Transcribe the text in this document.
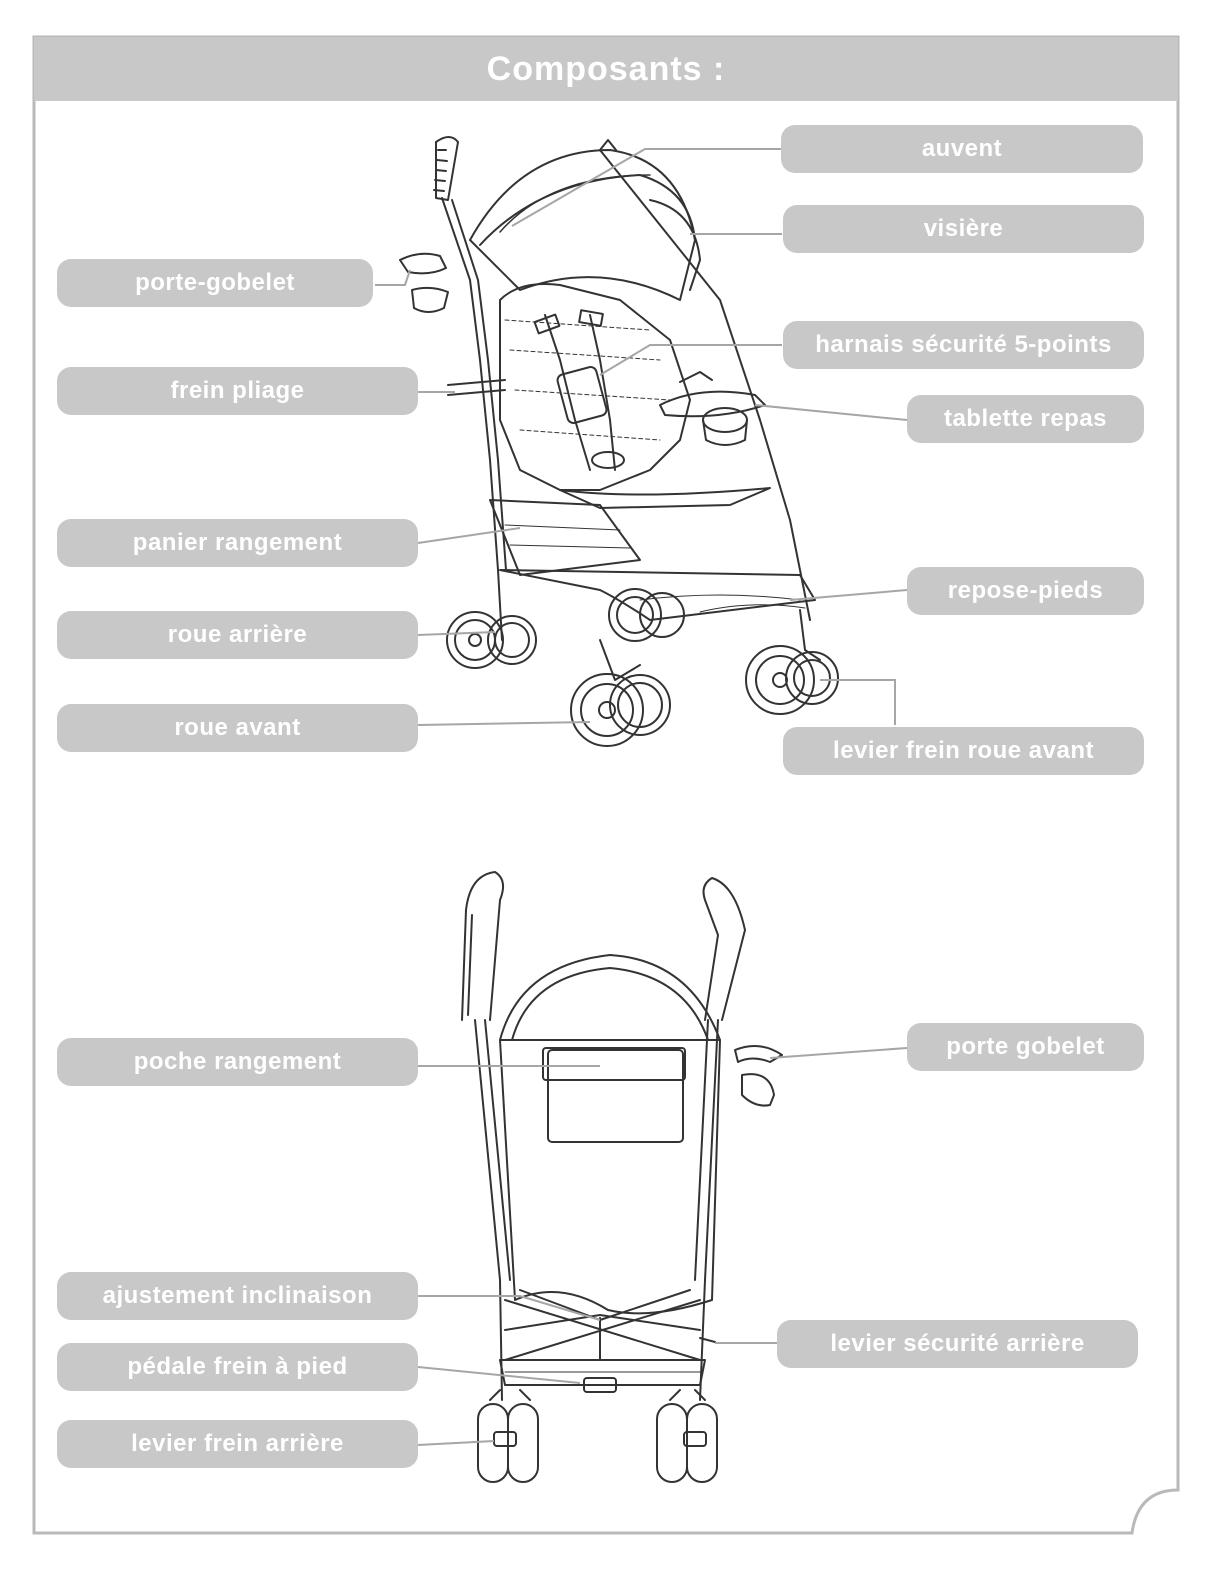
Composants :
auvent
visière
porte-gobelet
harnais sécurité 5-points
frein pliage
tablette repas
panier rangement
repose-pieds
roue arrière
roue avant
levier frein roue avant
poche rangement
porte gobelet
ajustement inclinaison
levier sécurité arrière
pédale frein à pied
levier frein arrière
